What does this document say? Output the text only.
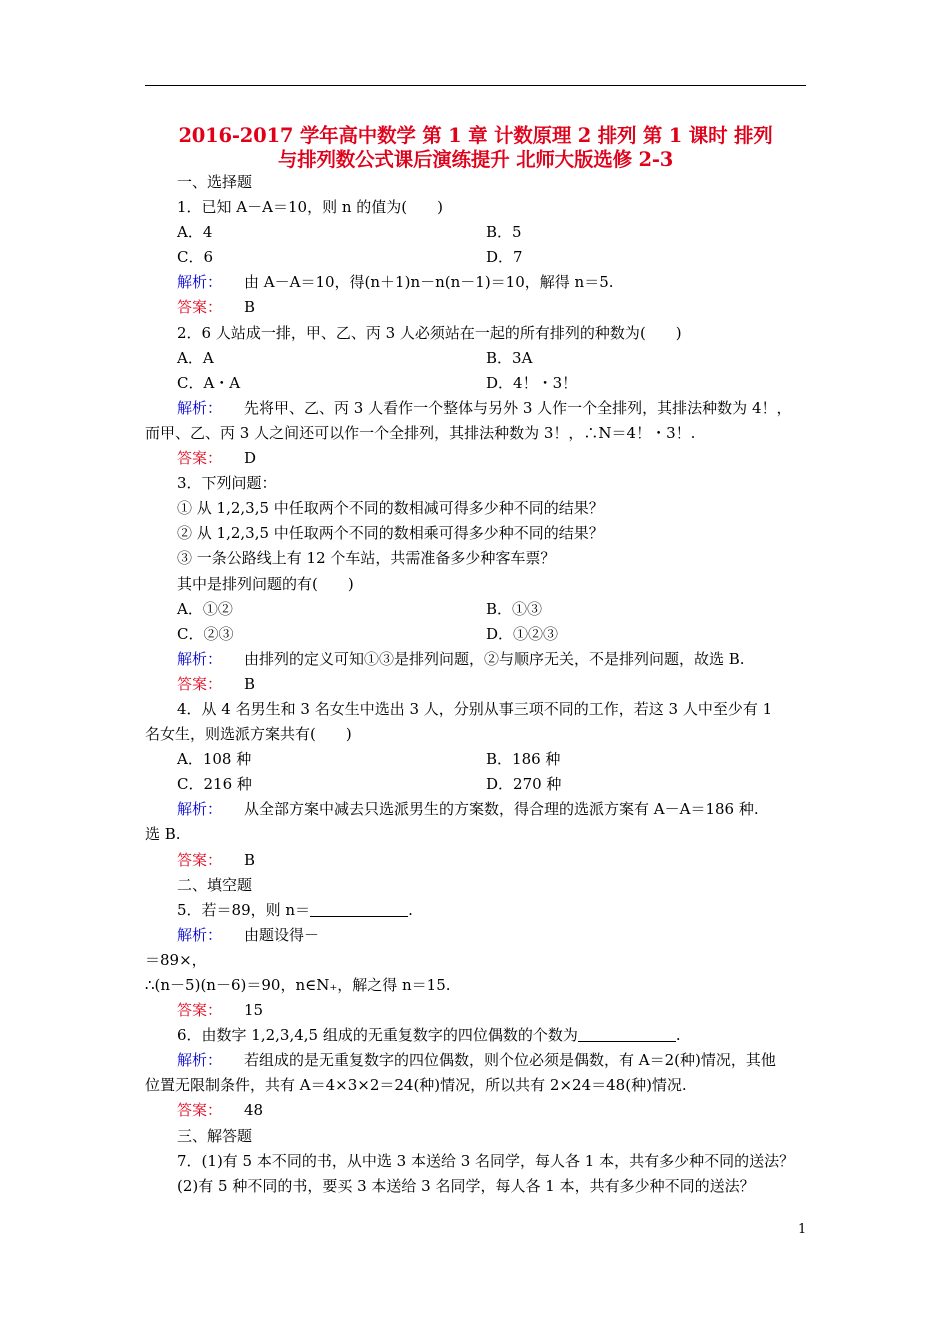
2016-2017 学年高中数学 第 1 章 计数原理 2 排列 第 1 课时 排列
与排列数公式课后演练提升 北师大版选修 2-3
一、选择题
1．已知 A－A＝10，则 n 的值为(　　)
A．4	B．5
C．6	D．7
解析： 由 A－A＝10，得(n＋1)n－n(n－1)＝10，解得 n＝5.
答案： B
2．6 人站成一排，甲、乙、丙 3 人必须站在一起的所有排列的种数为(　　)
A．A	B．3A
C．A・A	D．4！・3！
解析： 先将甲、乙、丙 3 人看作一个整体与另外 3 人作一个全排列，其排法种数为 4！，
而甲、乙、丙 3 人之间还可以作一个全排列，其排法种数为 3！，∴N＝4！・3！.
答案： D
3．下列问题：
① 从 1,2,3,5 中任取两个不同的数相减可得多少种不同的结果？
② 从 1,2,3,5 中任取两个不同的数相乘可得多少种不同的结果？
③ 一条公路线上有 12 个车站，共需准备多少种客车票？
其中是排列问题的有(　　)
A．①②	B．①③
C．②③	D．①②③
解析： 由排列的定义可知①③是排列问题，②与顺序无关，不是排列问题，故选 B.
答案： B
4．从 4 名男生和 3 名女生中选出 3 人，分别从事三项不同的工作，若这 3 人中至少有 1
名女生，则选派方案共有(　　)
A．108 种	B．186 种
C．216 种	D．270 种
解析： 从全部方案中减去只选派男生的方案数，得合理的选派方案有 A－A＝186 种.
选 B.
答案： B
二、填空题
5．若＝89，则 n＝	.
解析： 由题设得－
＝89×，
∴(n－5)(n－6)＝90，n∈N₊，解之得 n＝15.
答案： 15
6．由数字 1,2,3,4,5 组成的无重复数字的四位偶数的个数为	.
解析： 若组成的是无重复数字的四位偶数，则个位必须是偶数，有 A＝2(种)情况，其他
位置无限制条件，共有 A＝4×3×2＝24(种)情况，所以共有 2×24＝48(种)情况.
答案： 48
三、解答题
7．(1)有 5 本不同的书，从中选 3 本送给 3 名同学，每人各 1 本，共有多少种不同的送法？
(2)有 5 种不同的书，要买 3 本送给 3 名同学，每人各 1 本，共有多少种不同的送法？
1
